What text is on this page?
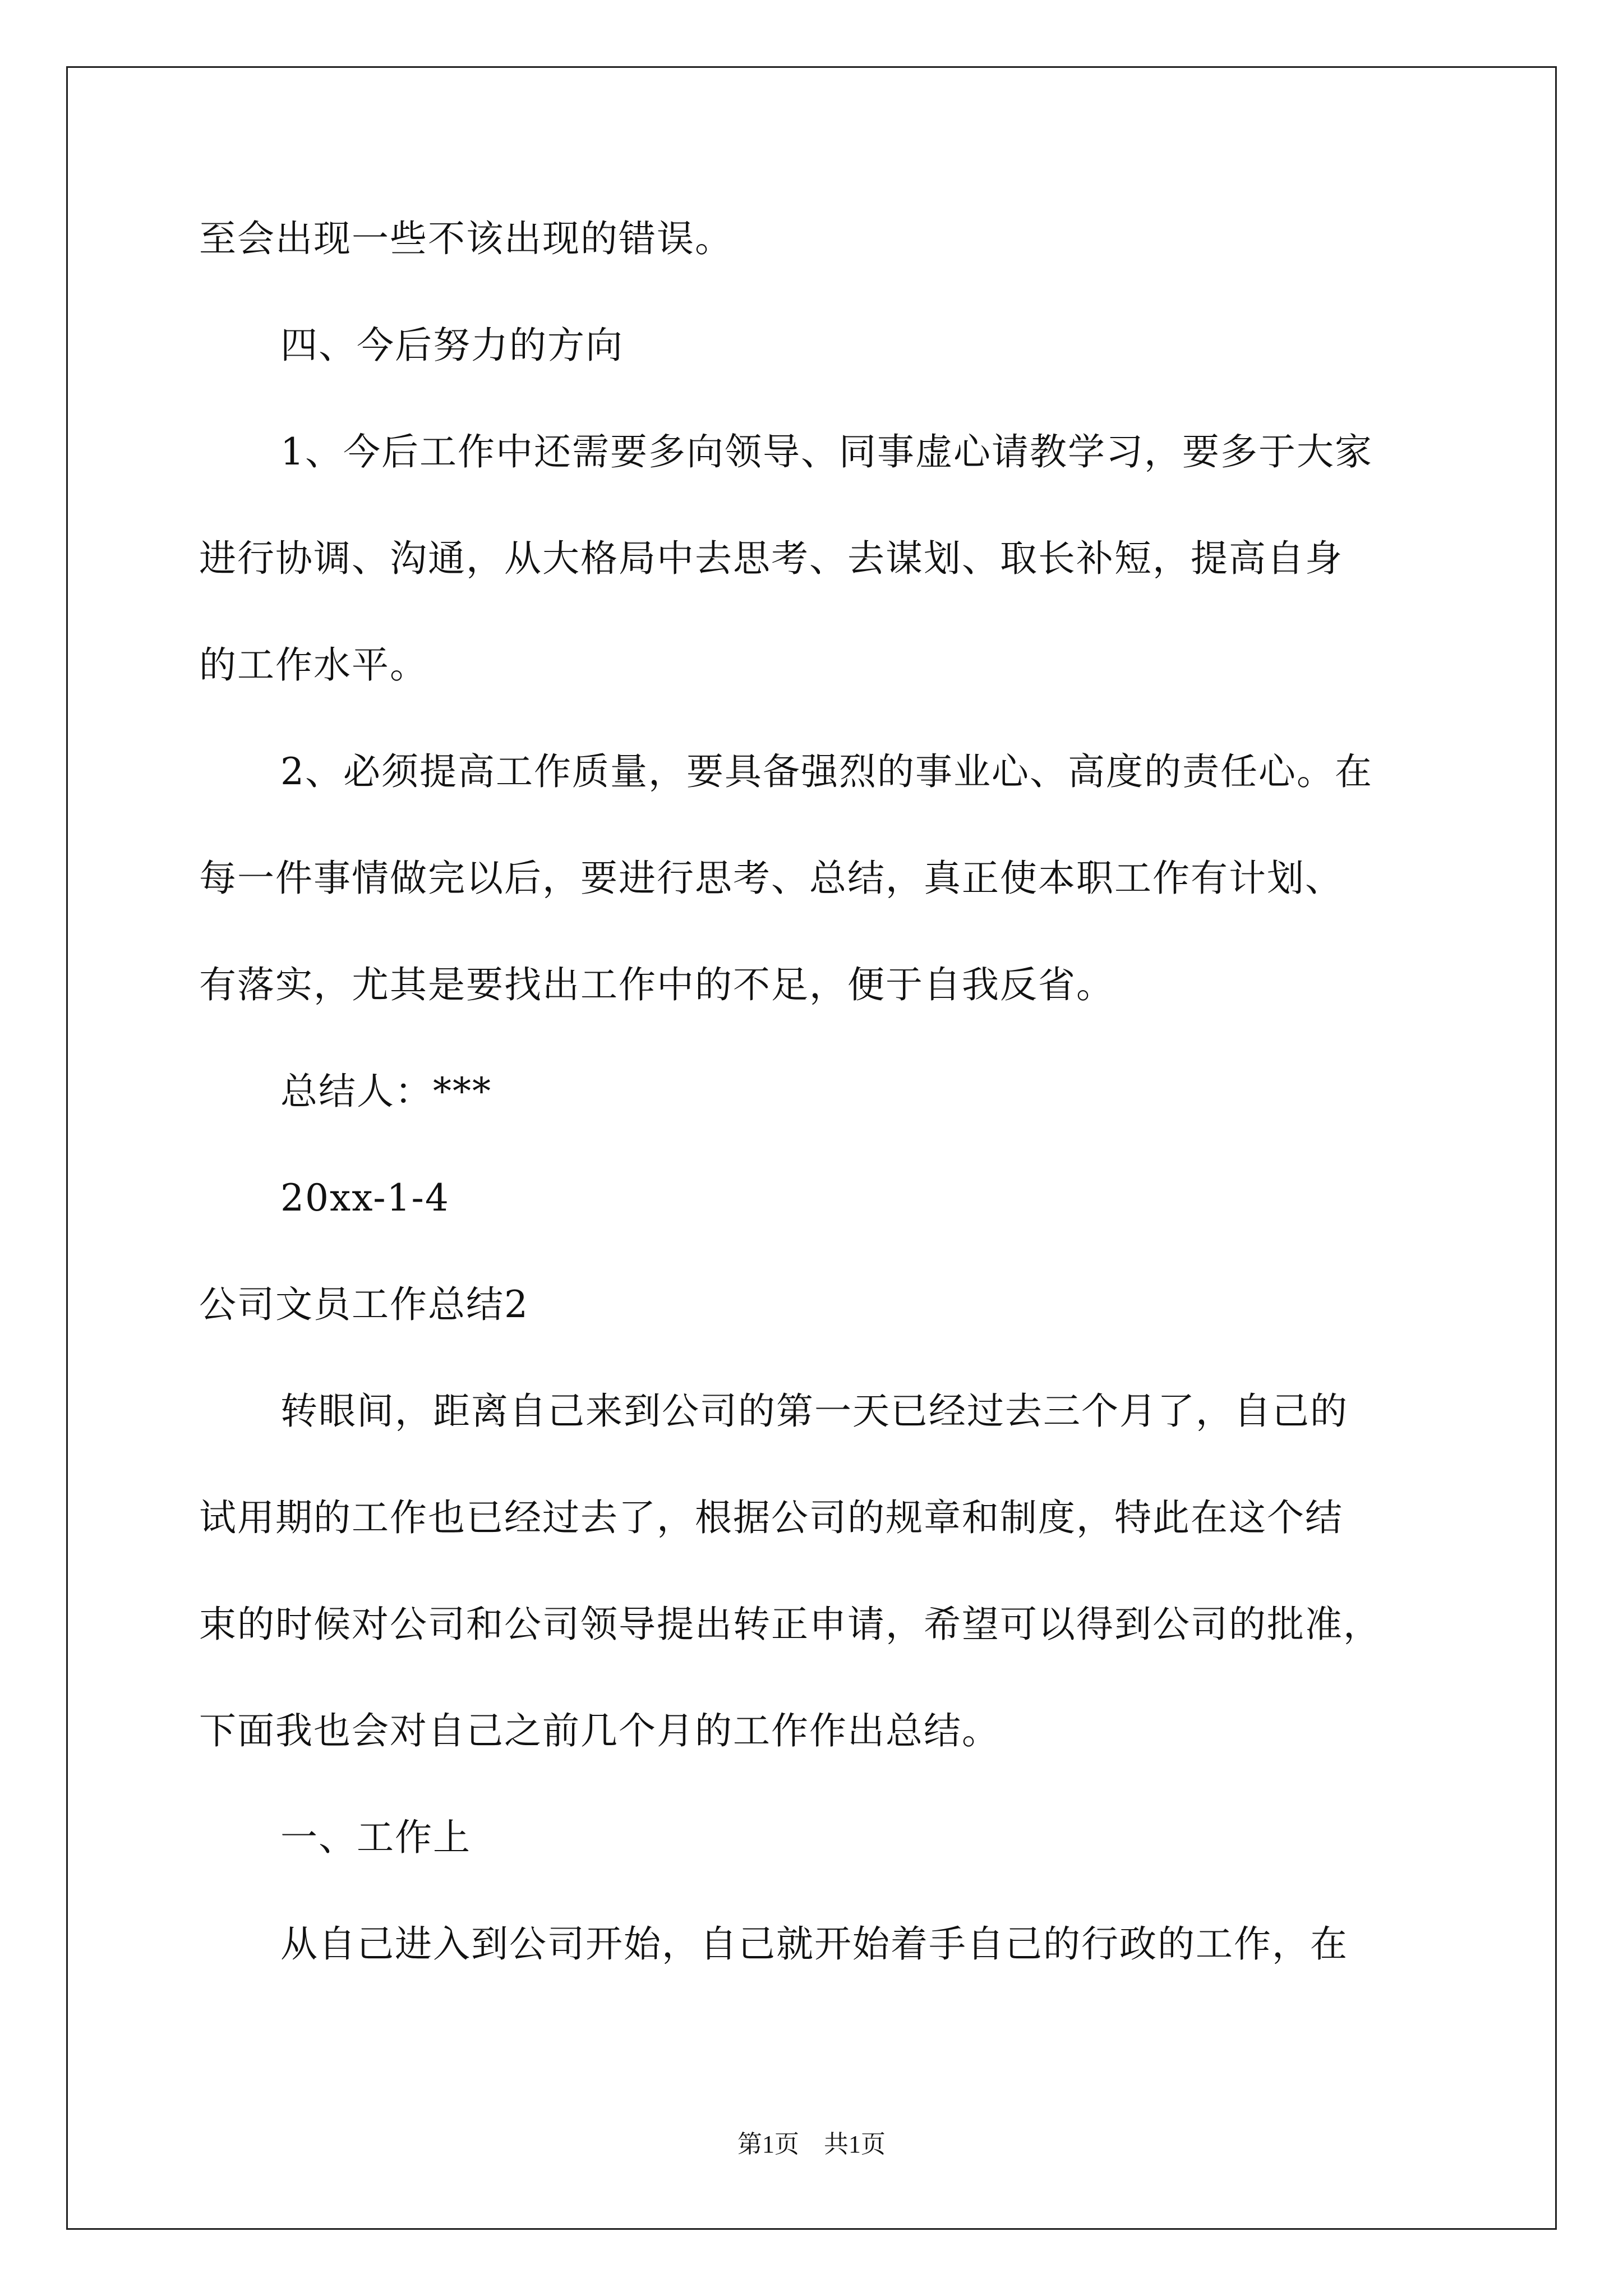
至会出现一些不该出现的错误。
四、今后努力的方向
1、今后工作中还需要多向领导、同事虚心请教学习，要多于大家
进行协调、沟通，从大格局中去思考、去谋划、取长补短，提高自身
的工作水平。
2、必须提高工作质量，要具备强烈的事业心、高度的责任心。在
每一件事情做完以后，要进行思考、总结，真正使本职工作有计划、
有落实，尤其是要找出工作中的不足，便于自我反省。
总结人：***
20xx-1-4
公司文员工作总结2
转眼间，距离自己来到公司的第一天已经过去三个月了，自己的
试用期的工作也已经过去了，根据公司的规章和制度，特此在这个结
束的时候对公司和公司领导提出转正申请，希望可以得到公司的批准，
下面我也会对自己之前几个月的工作作出总结。
一、工作上
从自己进入到公司开始，自己就开始着手自己的行政的工作，在
第1页　共1页
